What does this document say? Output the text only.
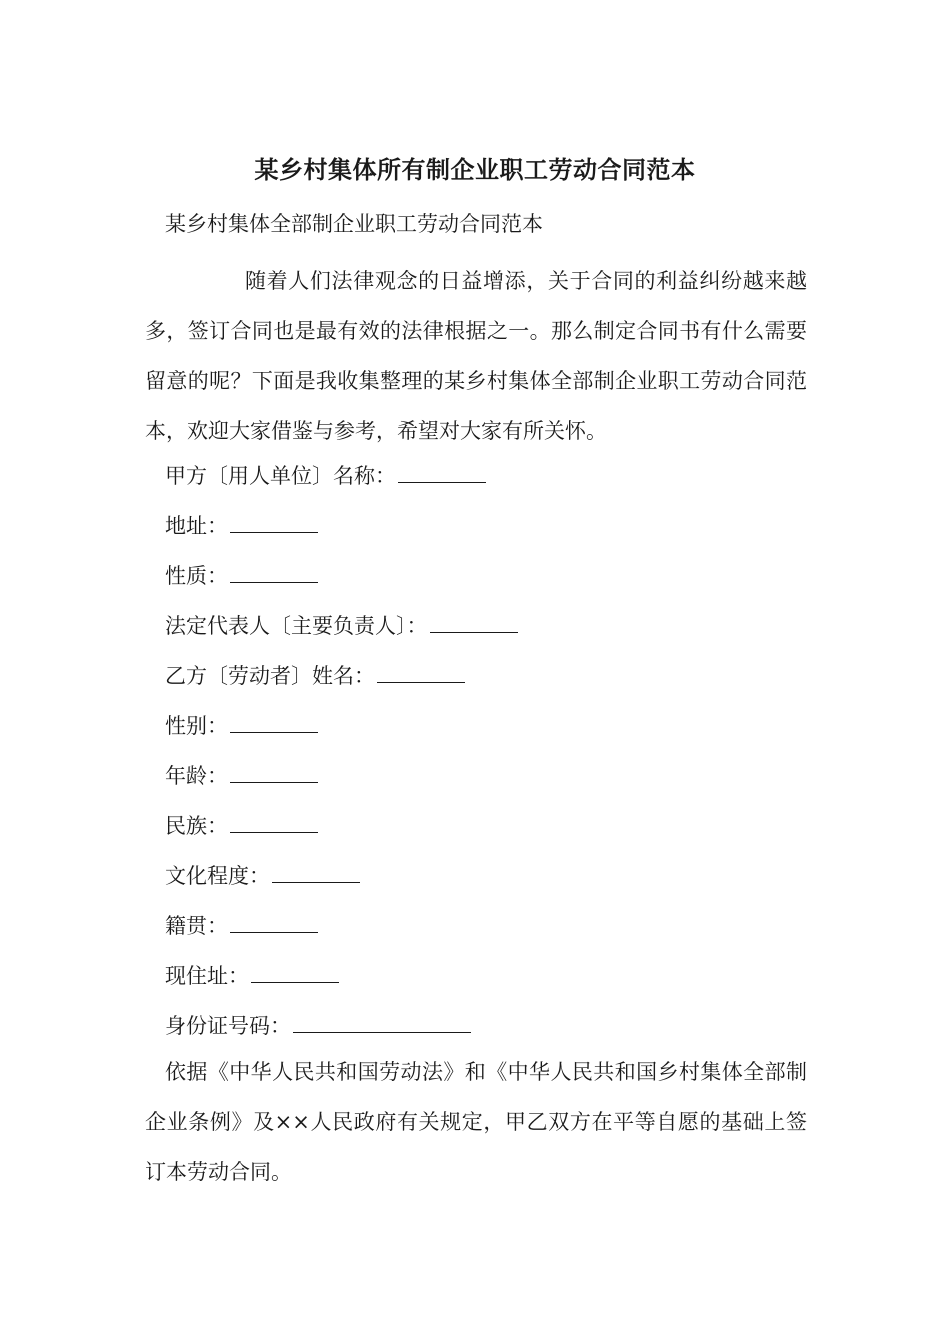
某乡村集体所有制企业职工劳动合同范本
某乡村集体全部制企业职工劳动合同范本

随着人们法律观念的日益增添，关于合同的利益纠纷越来越多，签订合同也是最有效的法律根据之一。那么制定合同书有什么需要留意的呢？下面是我收集整理的某乡村集体全部制企业职工劳动合同范本，欢迎大家借鉴与参考，希望对大家有所关怀。

甲方〔用人单位〕名称：
地址：
性质：
法定代表人〔主要负责人〕：
乙方〔劳动者〕姓名：
性别：
年龄：
民族：
文化程度：
籍贯：
现住址：
身份证号码：

依据《中华人民共和国劳动法》和《中华人民共和国乡村集体全部制企业条例》及××人民政府有关规定，甲乙双方在平等自愿的基础上签订本劳动合同。
